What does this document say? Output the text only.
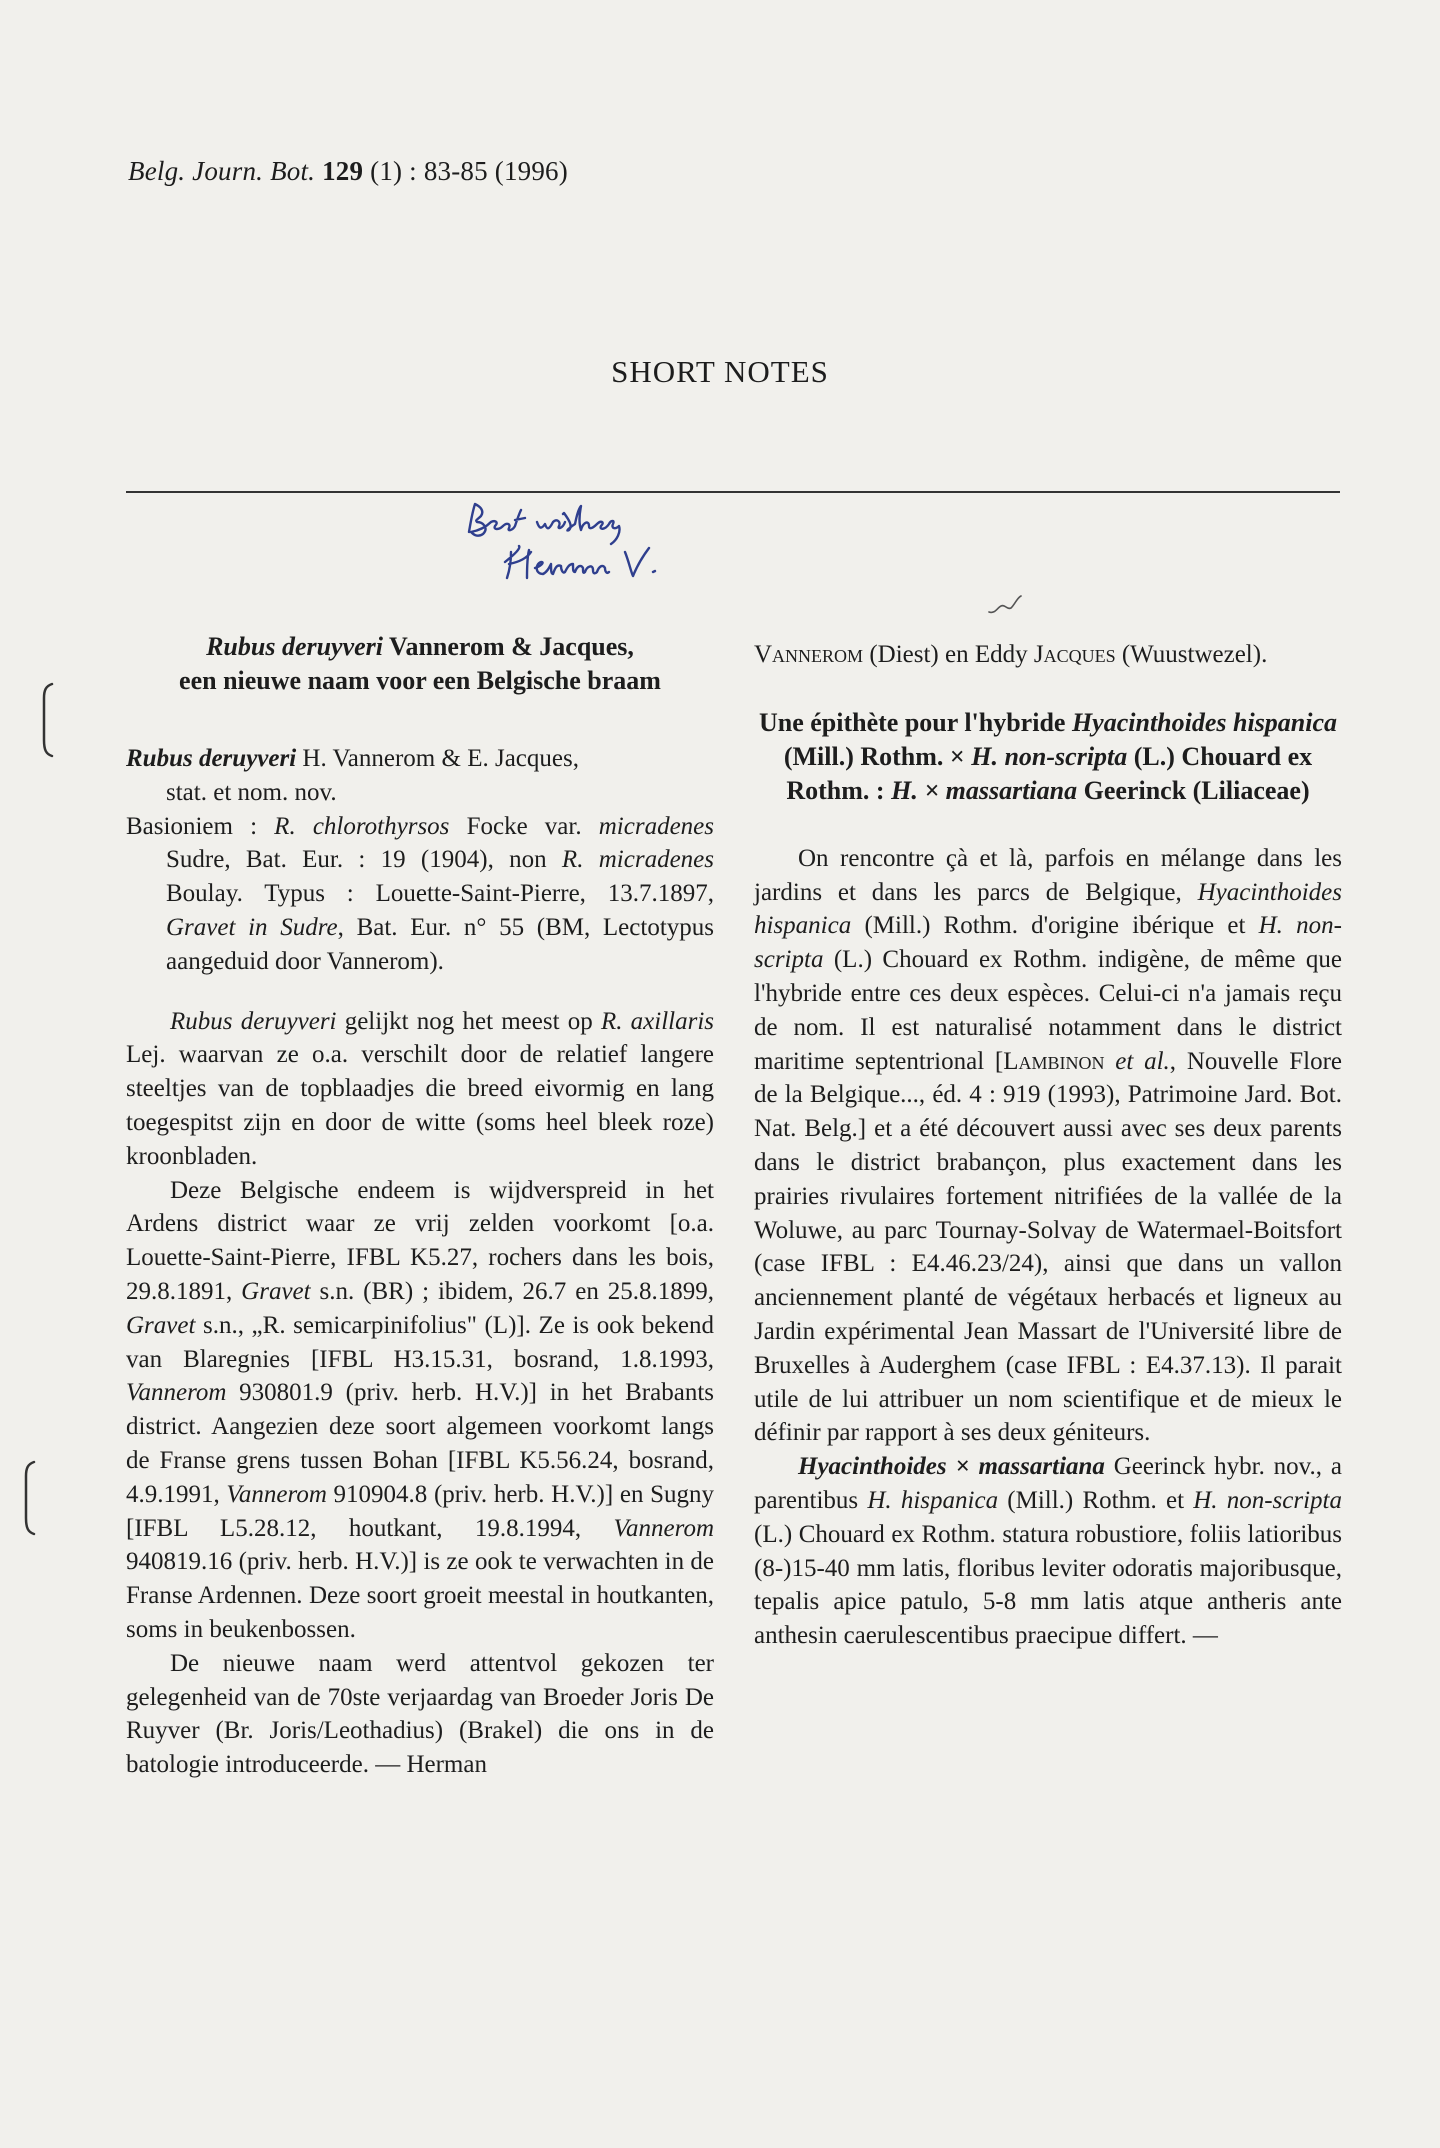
Belg. Journ. Bot. 129 (1) : 83-85 (1996)
SHORT NOTES

Rubus deruyveri Vannerom & Jacques,
een nieuwe naam voor een Belgische braam

Rubus deruyveri H. Vannerom & E. Jacques,
stat. et nom. nov.

Basioniem : R. chlorothyrsos Focke var. micradenes Sudre, Bat. Eur. : 19 (1904), non R. micradenes Boulay. Typus : Louette-Saint-Pierre, 13.7.1897, Gravet in Sudre, Bat. Eur. n° 55 (BM, Lectotypus aangeduid door Vannerom).

Rubus deruyveri gelijkt nog het meest op R. axillaris Lej. waarvan ze o.a. verschilt door de relatief langere steeltjes van de topblaadjes die breed eivormig en lang toegespitst zijn en door de witte (soms heel bleek roze) kroonbladen.

Deze Belgische endeem is wijdverspreid in het Ardens district waar ze vrij zelden voorkomt [o.a. Louette-Saint-Pierre, IFBL K5.27, rochers dans les bois, 29.8.1891, Gravet s.n. (BR) ; ibidem, 26.7 en 25.8.1899, Gravet s.n., „R. semicarpinifolius" (L)]. Ze is ook bekend van Blaregnies [IFBL H3.15.31, bosrand, 1.8.1993, Vannerom 930801.9 (priv. herb. H.V.)] in het Brabants district. Aangezien deze soort algemeen voorkomt langs de Franse grens tussen Bohan [IFBL K5.56.24, bosrand, 4.9.1991, Vannerom 910904.8 (priv. herb. H.V.)] en Sugny [IFBL L5.28.12, houtkant, 19.8.1994, Vannerom 940819.16 (priv. herb. H.V.)] is ze ook te verwachten in de Franse Ardennen. Deze soort groeit meestal in houtkanten, soms in beukenbossen.

De nieuwe naam werd attentvol gekozen ter gelegenheid van de 70ste verjaardag van Broeder Joris De Ruyver (Br. Joris/Leothadius) (Brakel) die ons in de batologie introduceerde. — Herman

Vannerom (Diest) en Eddy Jacques (Wuustwezel).

Une épithète pour l'hybride Hyacinthoides hispanica (Mill.) Rothm. × H. non-scripta (L.) Chouard ex Rothm. : H. × massartiana Geerinck (Liliaceae)

On rencontre çà et là, parfois en mélange dans les jardins et dans les parcs de Belgique, Hyacinthoides hispanica (Mill.) Rothm. d'origine ibérique et H. non-scripta (L.) Chouard ex Rothm. indigène, de même que l'hybride entre ces deux espèces. Celui-ci n'a jamais reçu de nom. Il est naturalisé notamment dans le district maritime septentrional [Lambinon et al., Nouvelle Flore de la Belgique..., éd. 4 : 919 (1993), Patrimoine Jard. Bot. Nat. Belg.] et a été découvert aussi avec ses deux parents dans le district brabançon, plus exactement dans les prairies rivulaires fortement nitrifiées de la vallée de la Woluwe, au parc Tournay-Solvay de Watermael-Boitsfort (case IFBL : E4.46.23/24), ainsi que dans un vallon anciennement planté de végétaux herbacés et ligneux au Jardin expérimental Jean Massart de l'Université libre de Bruxelles à Auderghem (case IFBL : E4.37.13). Il parait utile de lui attribuer un nom scientifique et de mieux le définir par rapport à ses deux géniteurs.

Hyacinthoides × massartiana Geerinck hybr. nov., a parentibus H. hispanica (Mill.) Rothm. et H. non-scripta (L.) Chouard ex Rothm. statura robustiore, foliis latioribus (8-)15-40 mm latis, floribus leviter odoratis majoribusque, tepalis apice patulo, 5-8 mm latis atque antheris ante anthesin caerulescentibus praecipue differt. —
